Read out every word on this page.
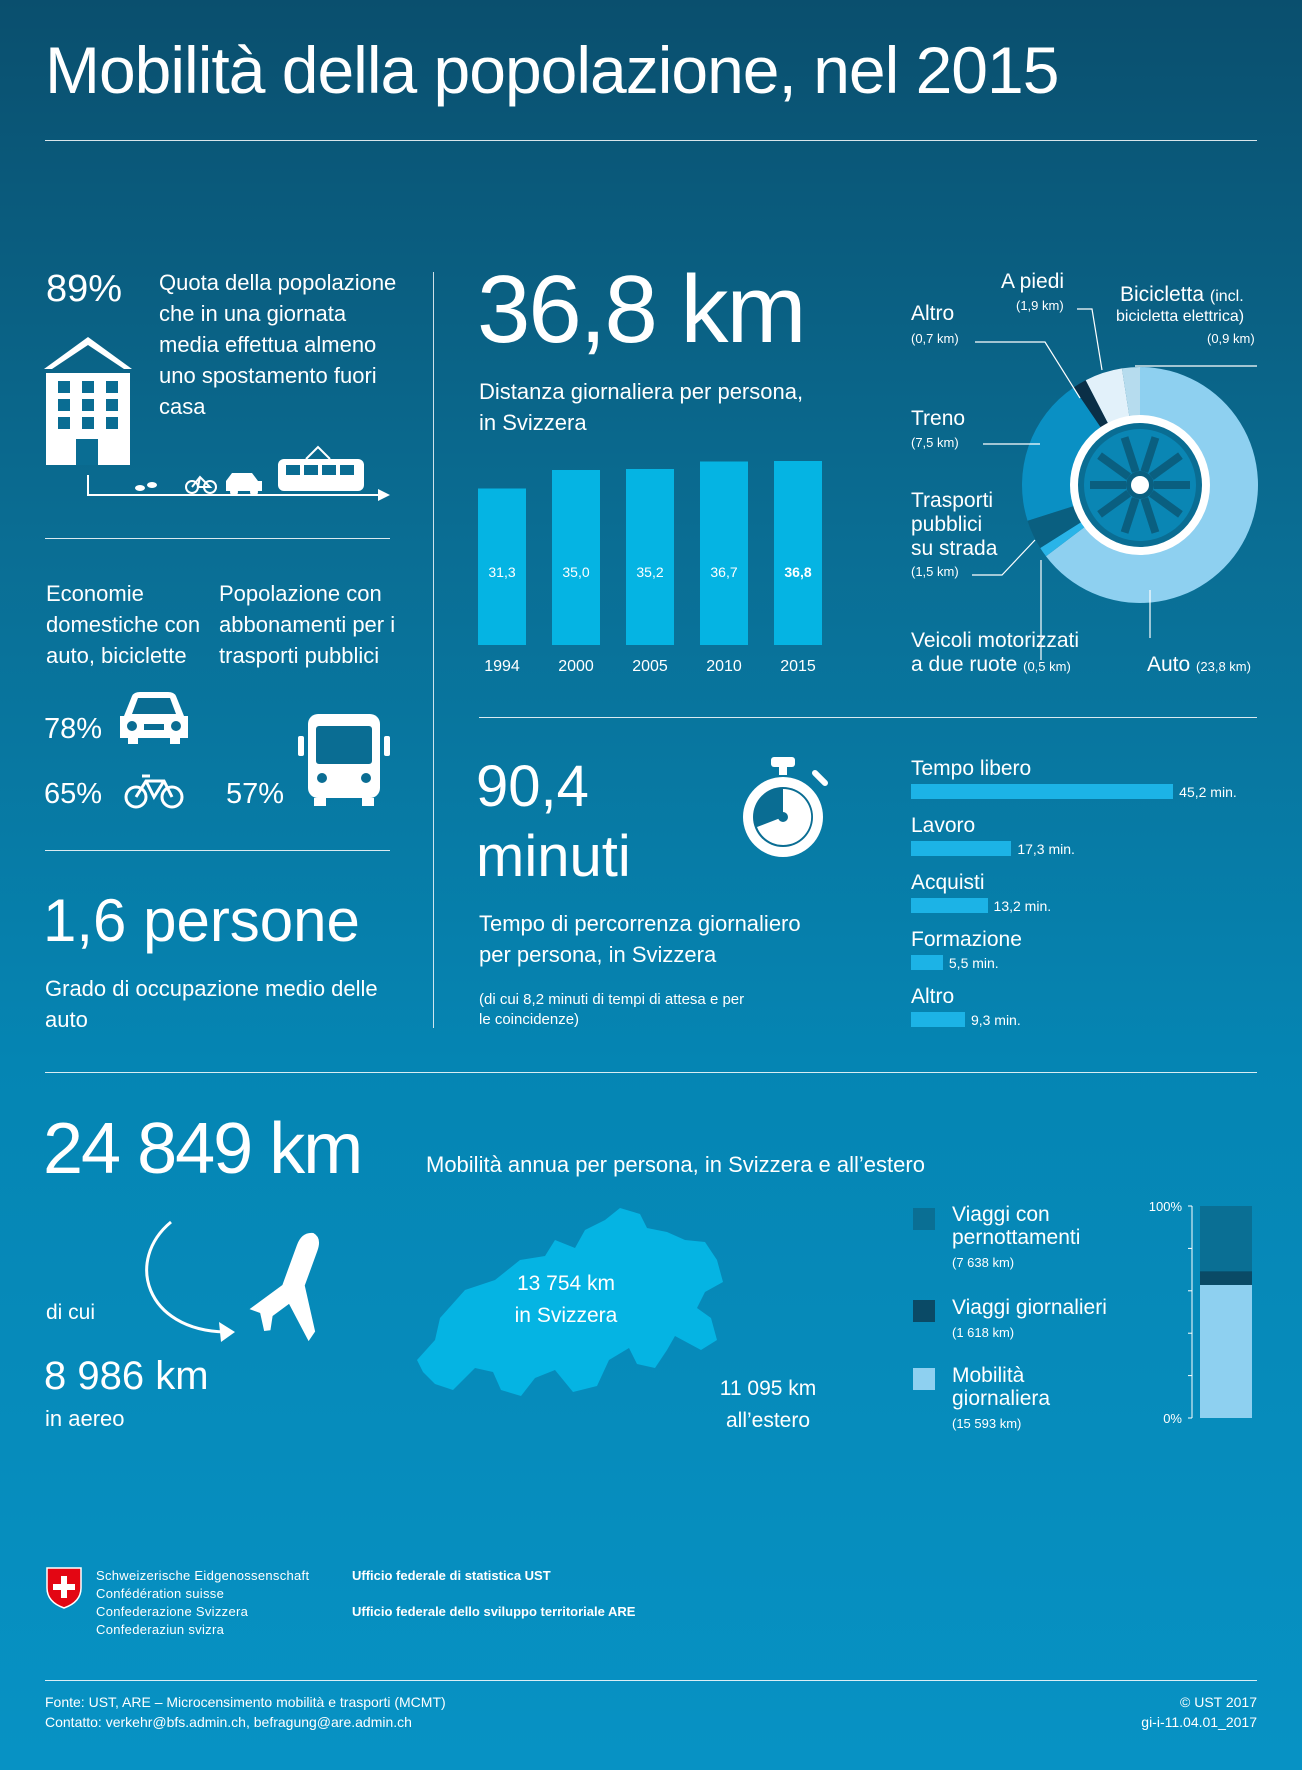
Mobilità della popolazione, nel 2015
89% Quota della popolazione che in una giornata media effettua almeno uno spostamento fuori casa
Economie domestiche con auto, biciclette
Popolazione con abbonamenti per i trasporti pubblici
78%
65%	57%
1,6 persone
Grado di occupazione medio delle auto
36,8 km
Distanza giornaliera per persona, in Svizzera
31,3
1994
35,0
2000
35,2
2005
36,7
2010
36,8
2015
90,4
minuti
Tempo di percorrenza giornaliero per persona, in Svizzera
(di cui 8,2 minuti di tempi di attesa e per le coincidenze)
Altro
(0,7 km)
A piedi
(1,9 km)	Bicicletta (incl.
bicicletta elettrica)
(0,9 km)
Treno
(7,5 km)
Trasporti
pubblici
su strada
(1,5 km)
Veicoli motorizzati
a due ruote (0,5 km)	Auto (23,8 km)
Tempo libero
45,2 min.
Lavoro
17,3 min.
Acquisti
13,2 min.
Formazione
5,5 min.
Altro
9,3 min.
24 849 km	Mobilità annua per persona, in Svizzera e all’estero
di cui
8 986 km
in aereo
13 754 km
in Svizzera
11 095 km
all’estero
Viaggi con
pernottamenti
(7 638 km)
Viaggi giornalieri
(1 618 km)
Mobilità
giornaliera
(15 593 km)
100%
0%
Schweizerische Eidgenossenschaft
Confédération suisse
Confederazione Svizzera
Confederaziun svizra
Ufficio federale di statistica UST
Ufficio federale dello sviluppo territoriale ARE
Fonte: UST, ARE – Microcensimento mobilità e trasporti (MCMT)
Contatto: verkehr@bfs.admin.ch, befragung@are.admin.ch
© UST 2017
gi-i-11.04.01_2017
